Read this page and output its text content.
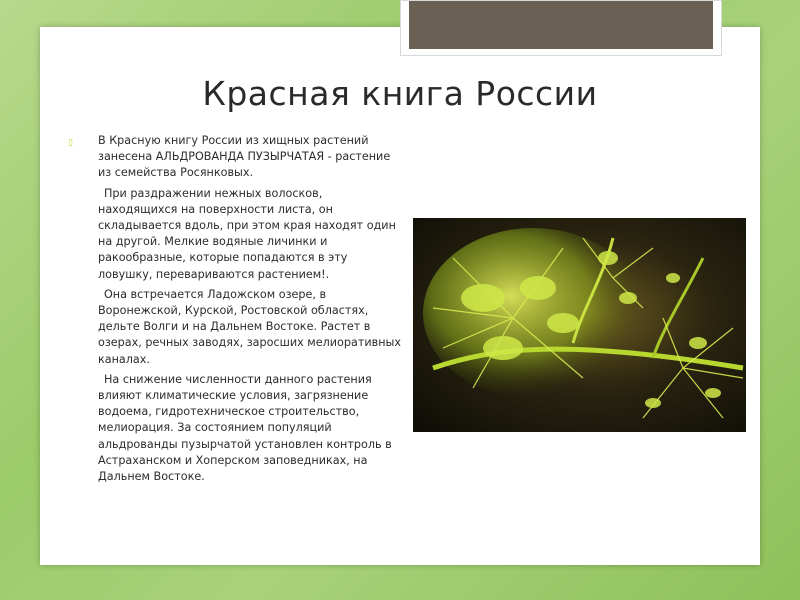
Красная книга России
▯ В Красную книгу России из хищных растений занесена АЛЬДРОВАНДА ПУЗЫРЧАТАЯ - растение из семейства Росянковых.

При раздражении нежных волосков, находящихся на поверхности листа, он складывается вдоль, при этом края находят один на другой. Мелкие водяные личинки и ракообразные, которые попадаются в эту ловушку, перевариваются растением!.

Она встречается Ладожском озере, в Воронежской, Курской, Ростовской областях, дельте Волги и на Дальнем Востоке. Растет в озерах, речных заводях, заросших мелиоративных каналах.

На снижение численности данного растения влияют климатические условия, загрязнение водоема, гидротехническое строительство, мелиорация. За состоянием популяций альдрованды пузырчатой установлен контроль в Астраханском и Хоперском заповедниках, на Дальнем Востоке.
